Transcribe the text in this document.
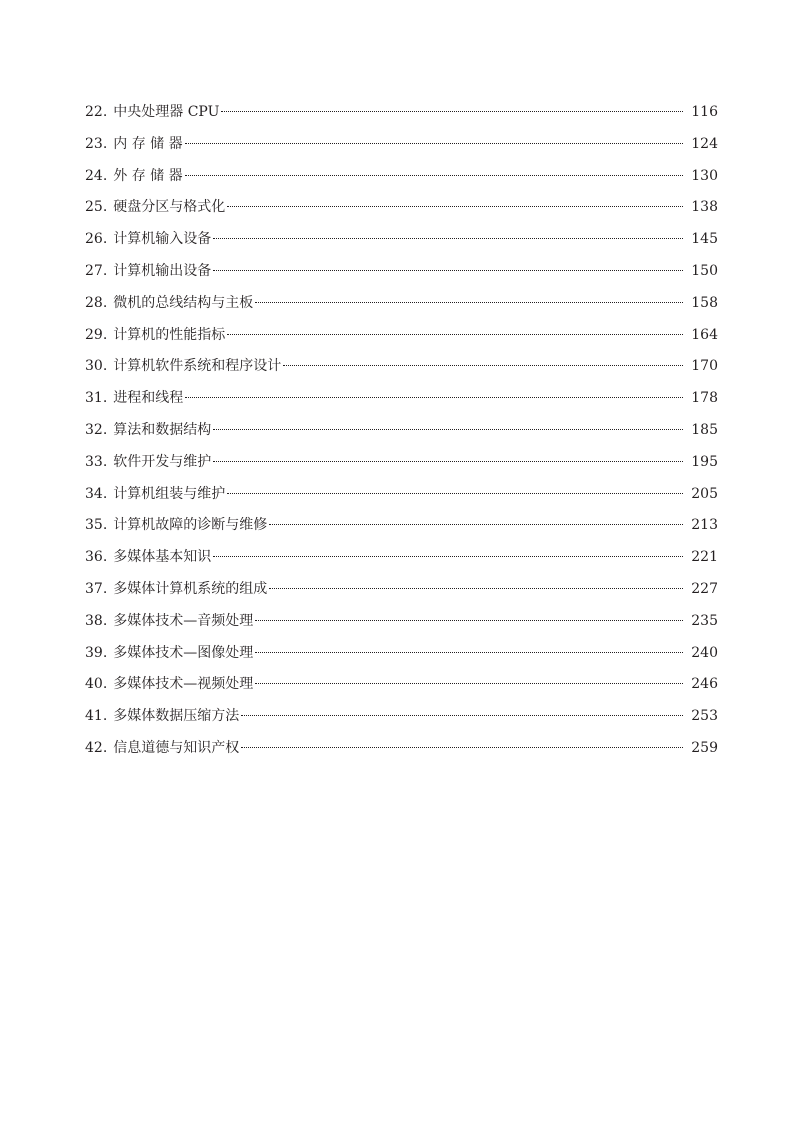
22. 中央处理器 CPU	116
23. 内 存 储 器	124
24. 外 存 储 器	130
25. 硬盘分区与格式化	138
26. 计算机输入设备	145
27. 计算机输出设备	150
28. 微机的总线结构与主板	158
29. 计算机的性能指标	164
30. 计算机软件系统和程序设计	170
31. 进程和线程	178
32. 算法和数据结构	185
33. 软件开发与维护	195
34. 计算机组装与维护	205
35. 计算机故障的诊断与维修	213
36. 多媒体基本知识	221
37. 多媒体计算机系统的组成	227
38. 多媒体技术—音频处理	235
39. 多媒体技术—图像处理	240
40. 多媒体技术—视频处理	246
41. 多媒体数据压缩方法	253
42. 信息道德与知识产权	259
